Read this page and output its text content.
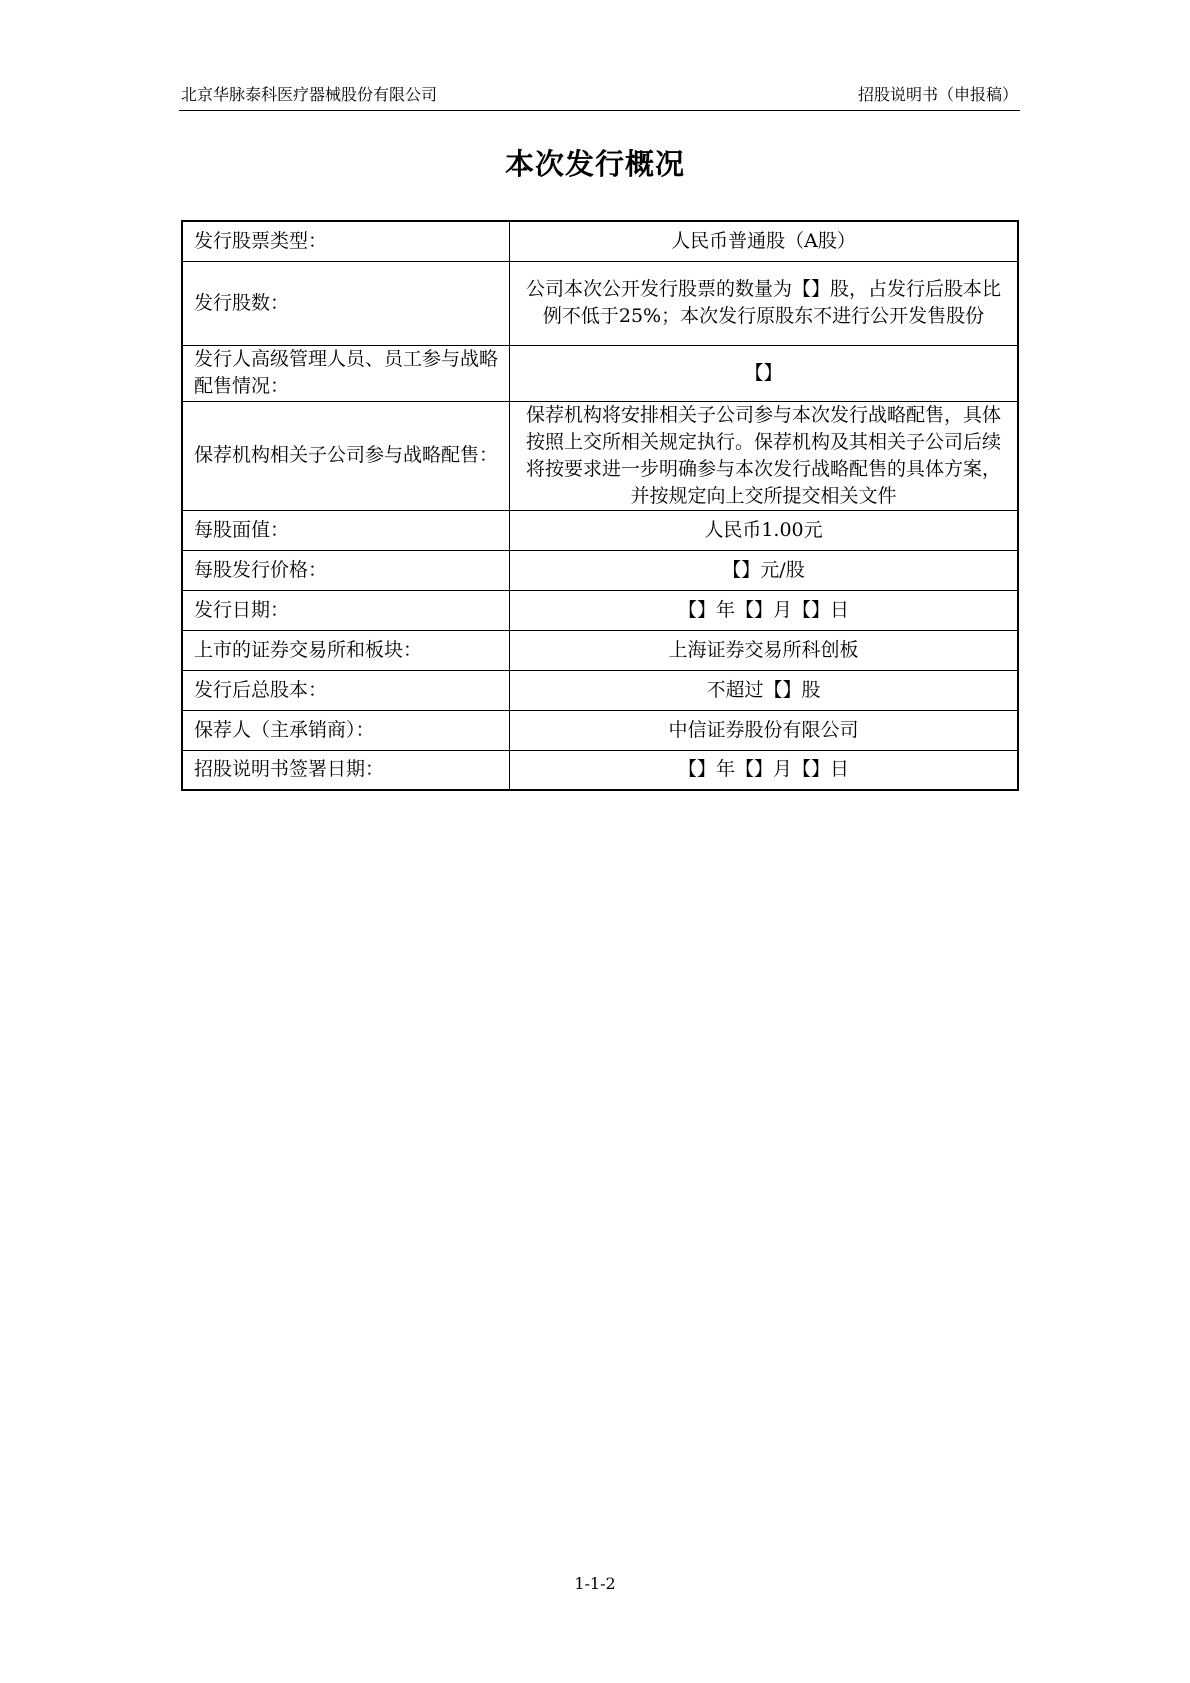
北京华脉泰科医疗器械股份有限公司	招股说明书（申报稿）
本次发行概况
发行股票类型：	人民币普通股（A股）
发行股数：	公司本次公开发行股票的数量为【】股，占发行后股本比例不低于25%；本次发行原股东不进行公开发售股份
发行人高级管理人员、员工参与战略配售情况：	【】
保荐机构相关子公司参与战略配售：	保荐机构将安排相关子公司参与本次发行战略配售，具体按照上交所相关规定执行。保荐机构及其相关子公司后续将按要求进一步明确参与本次发行战略配售的具体方案，并按规定向上交所提交相关文件
每股面值：	人民币1.00元
每股发行价格：	【】元/股
发行日期：	【】年【】月【】日
上市的证券交易所和板块：	上海证券交易所科创板
发行后总股本：	不超过【】股
保荐人（主承销商）：	中信证券股份有限公司
招股说明书签署日期：	【】年【】月【】日
1-1-2
